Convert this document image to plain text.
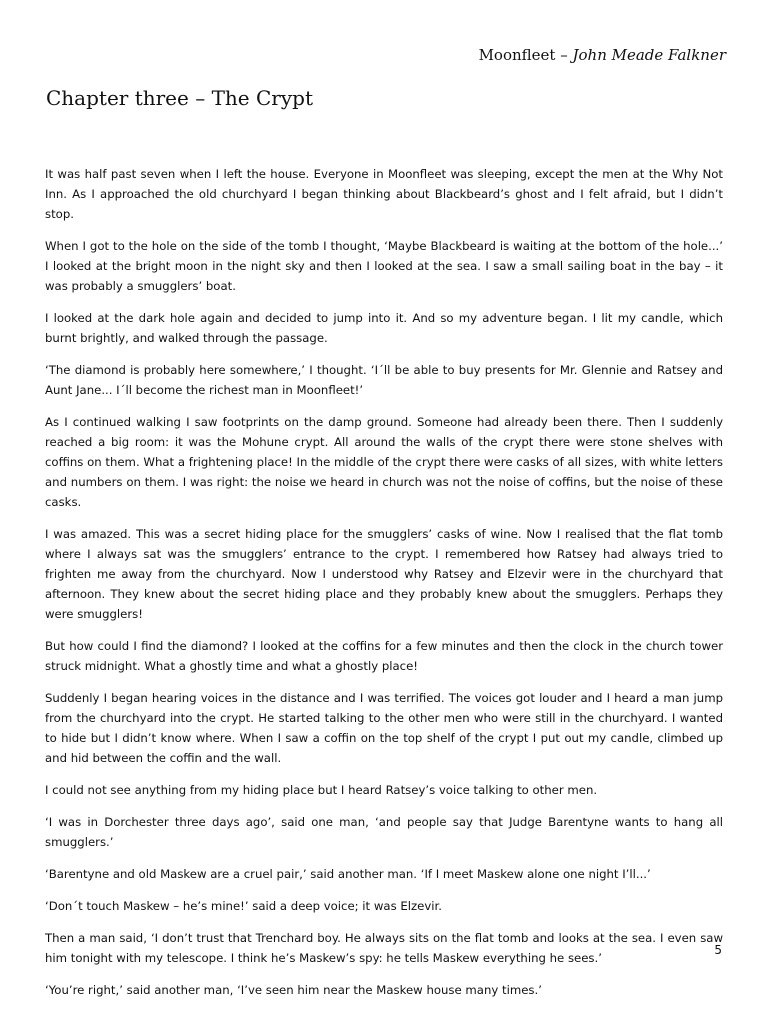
Moonfleet – John Meade Falkner
Chapter three – The Crypt

It was half past seven when I left the house. Everyone in Moonfleet was sleeping, except the men at the Why Not Inn. As I approached the old churchyard I began thinking about Blackbeard’s ghost and I felt afraid, but I didn’t stop.

When I got to the hole on the side of the tomb I thought, ‘Maybe Blackbeard is waiting at the bottom of the hole...’ I looked at the bright moon in the night sky and then I looked at the sea. I saw a small sailing boat in the bay – it was probably a smugglers’ boat.

I looked at the dark hole again and decided to jump into it. And so my adventure began. I lit my candle, which burnt brightly, and walked through the passage.

‘The diamond is probably here somewhere,’ I thought. ‘I´ll be able to buy presents for Mr. Glennie and Ratsey and Aunt Jane... I´ll become the richest man in Moonfleet!’

As I continued walking I saw footprints on the damp ground. Someone had already been there. Then I suddenly reached a big room: it was the Mohune crypt. All around the walls of the crypt there were stone shelves with coffins on them. What a frightening place! In the middle of the crypt there were casks of all sizes, with white letters and numbers on them. I was right: the noise we heard in church was not the noise of coffins, but the noise of these casks.

I was amazed. This was a secret hiding place for the smugglers’ casks of wine. Now I realised that the flat tomb where I always sat was the smugglers’ entrance to the crypt. I remembered how Ratsey had always tried to frighten me away from the churchyard. Now I understood why Ratsey and Elzevir were in the churchyard that afternoon. They knew about the secret hiding place and they probably knew about the smugglers. Perhaps they were smugglers!

But how could I find the diamond? I looked at the coffins for a few minutes and then the clock in the church tower struck midnight. What a ghostly time and what a ghostly place!

Suddenly I began hearing voices in the distance and I was terrified. The voices got louder and I heard a man jump from the churchyard into the crypt. He started talking to the other men who were still in the churchyard. I wanted to hide but I didn’t know where. When I saw a coffin on the top shelf of the crypt I put out my candle, climbed up and hid between the coffin and the wall.

I could not see anything from my hiding place but I heard Ratsey’s voice talking to other men.

‘I was in Dorchester three days ago’, said one man, ‘and people say that Judge Barentyne wants to hang all smugglers.’

‘Barentyne and old Maskew are a cruel pair,’ said another man. ‘If I meet Maskew alone one night I’ll...’

‘Don´t touch Maskew – he’s mine!’ said a deep voice; it was Elzevir.

Then a man said, ‘I don’t trust that Trenchard boy. He always sits on the flat tomb and looks at the sea. I even saw him tonight with my telescope. I think he’s Maskew’s spy: he tells Maskew everything he sees.’

‘You’re right,’ said another man, ‘I’ve seen him near the Maskew house many times.’

5
